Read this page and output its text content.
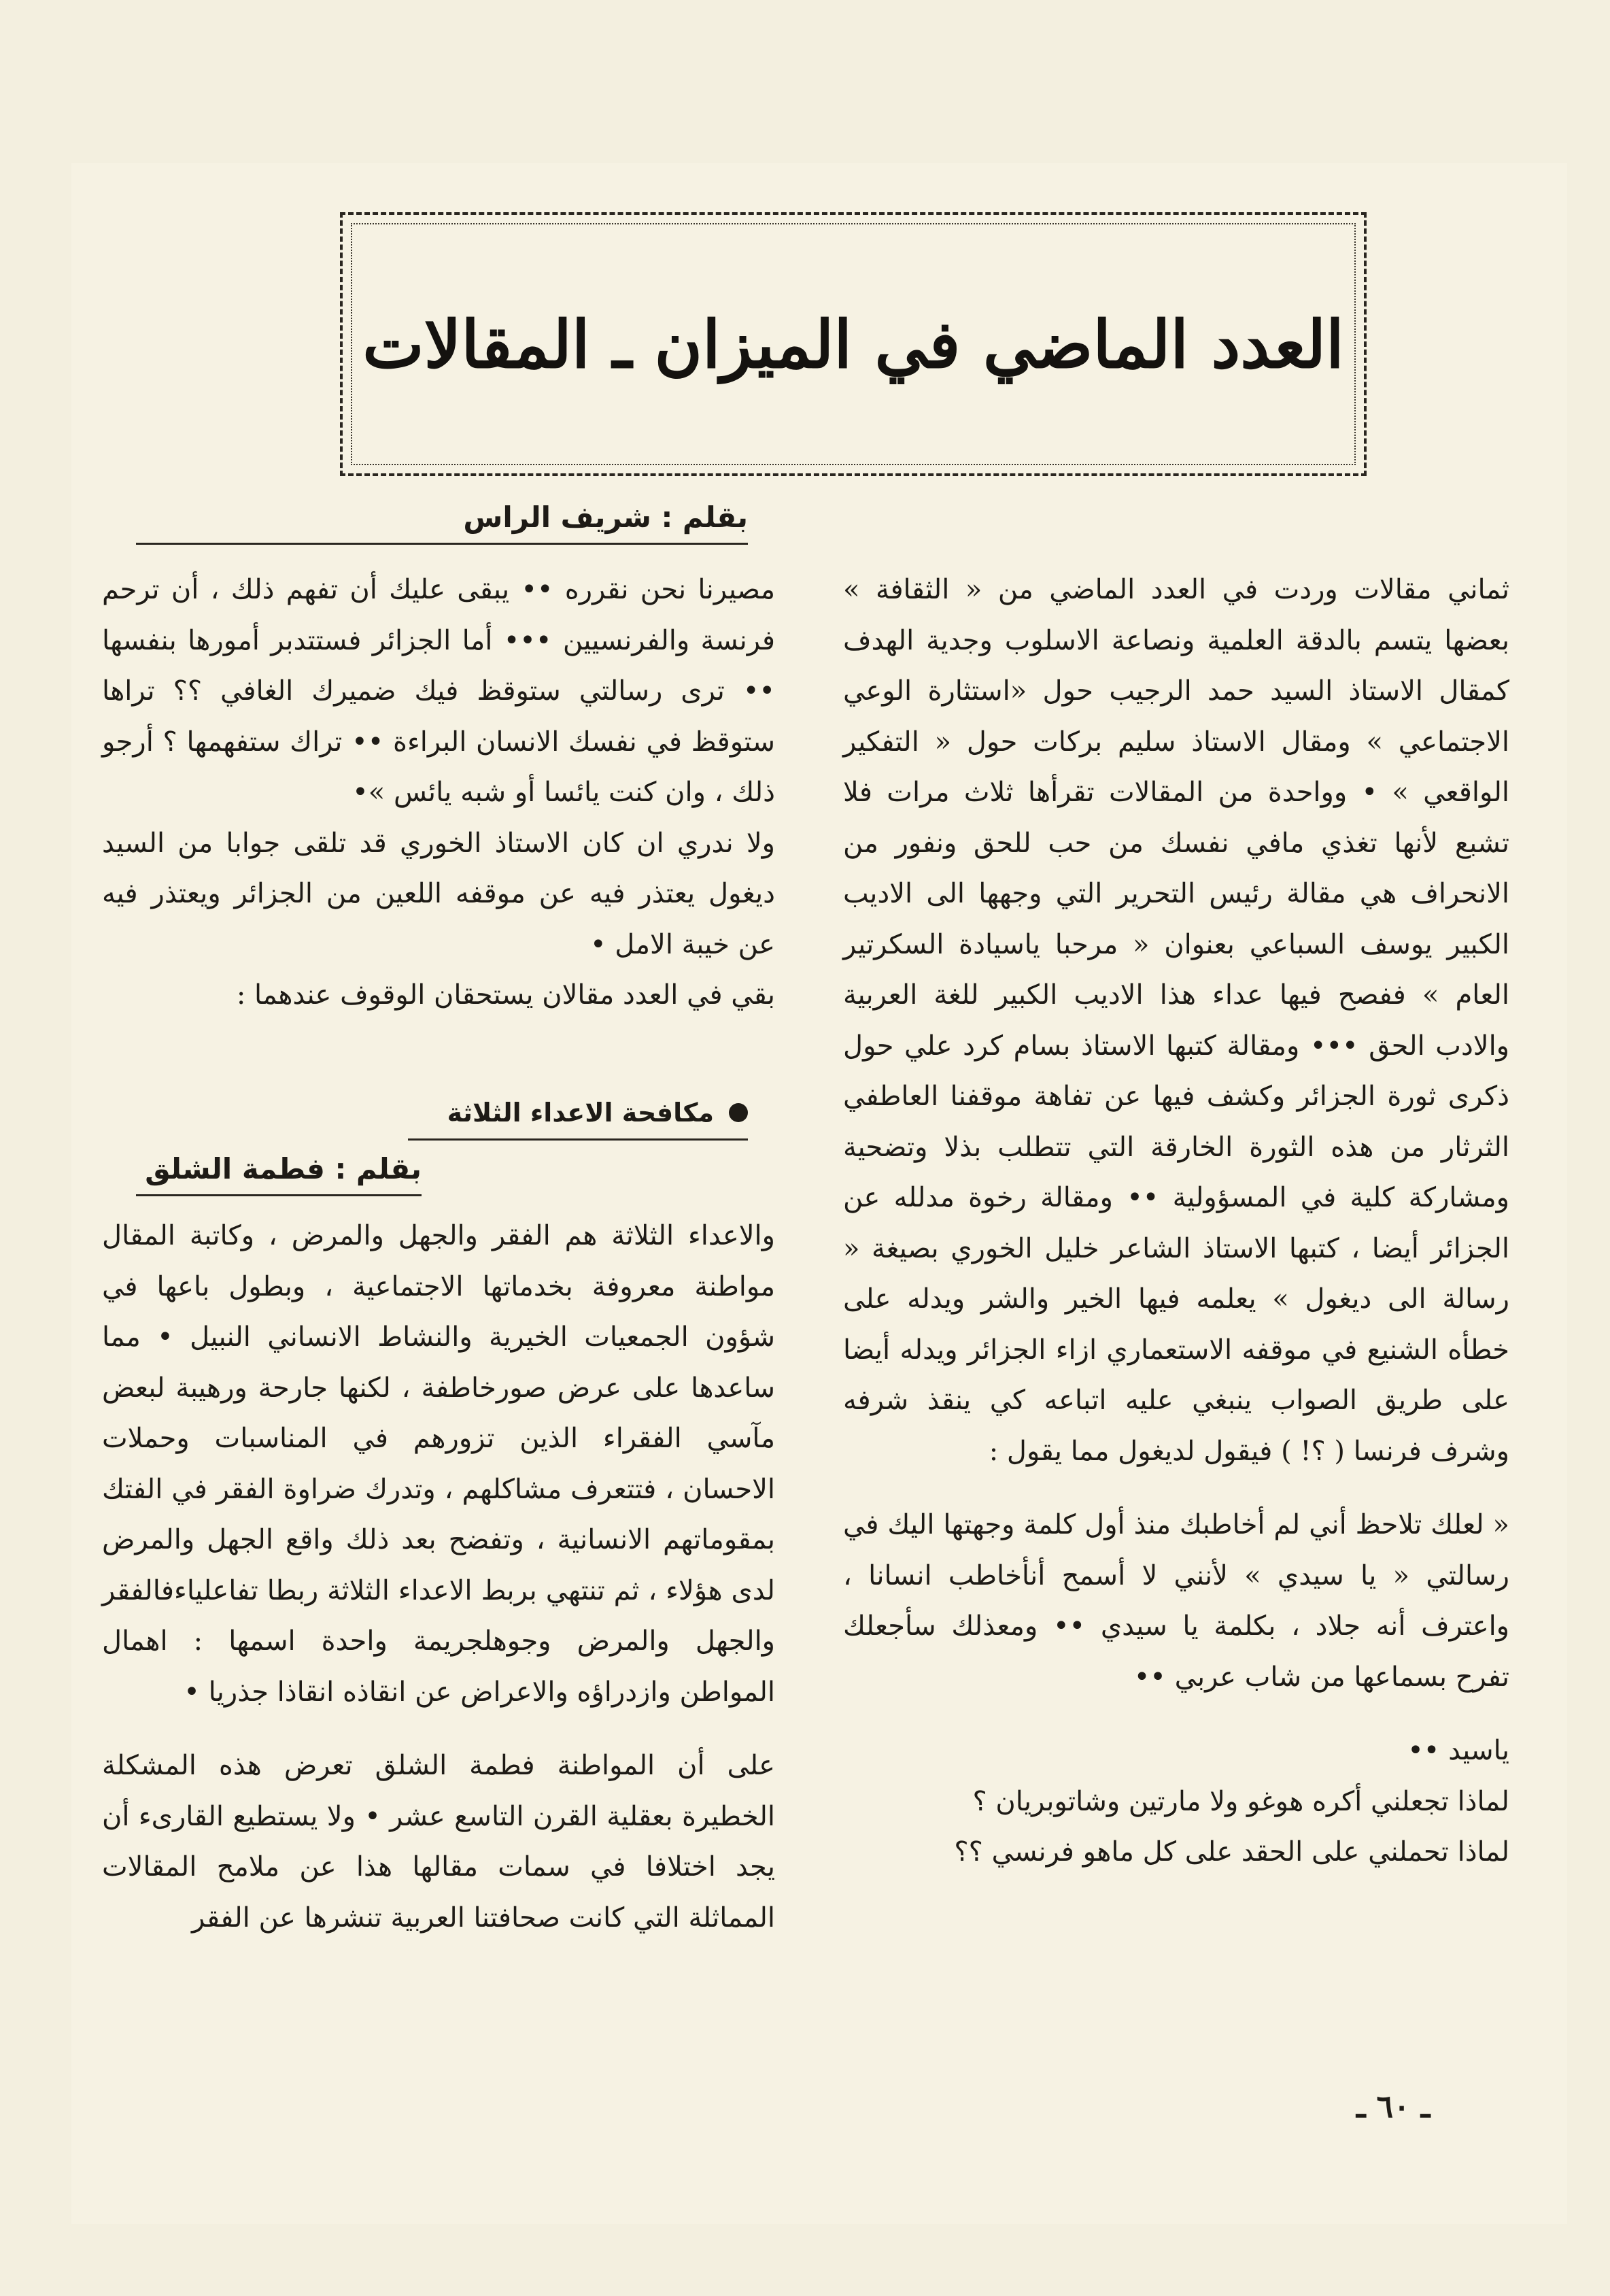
العدد الماضي في الميزان ـ المقالات

بقلم : شريف الراس

ثماني مقالات وردت في العدد الماضي من « الثقافة » بعضها يتسم بالدقة العلمية ونصاعة الاسلوب وجدية الهدف كمقال الاستاذ السيد حمد الرجيب حول «استثارة الوعي الاجتماعي » ومقال الاستاذ سليم بركات حول « التفكير الواقعي » • وواحدة من المقالات تقرأها ثلاث مرات فلا تشبع لأنها تغذي مافي نفسك من حب للحق ونفور من الانحراف هي مقالة رئيس التحرير التي وجهها الى الاديب الكبير يوسف السباعي بعنوان « مرحبا ياسيادة السكرتير العام » ففصح فيها عداء هذا الاديب الكبير للغة العربية والادب الحق ••• ومقالة كتبها الاستاذ بسام كرد علي حول ذكرى ثورة الجزائر وكشف فيها عن تفاهة موقفنا العاطفي الثرثار من هذه الثورة الخارقة التي تتطلب بذلا وتضحية ومشاركة كلية في المسؤولية •• ومقالة رخوة مدلله عن الجزائر أيضا ، كتبها الاستاذ الشاعر خليل الخوري بصيغة « رسالة الى ديغول » يعلمه فيها الخير والشر ويدله على خطأه الشنيع في موقفه الاستعماري ازاء الجزائر ويدله أيضا على طريق الصواب ينبغي عليه اتباعه كي ينقذ شرفه وشرف فرنسا ( ؟! ) فيقول لديغول مما يقول :

« لعلك تلاحظ أني لم أخاطبك منذ أول كلمة وجهتها اليك في رسالتي « يا سيدي » لأنني لا أسمح أنأخاطب انسانا ، واعترف أنه جلاد ، بكلمة يا سيدي •• ومعذلك سأجعلك تفرح بسماعها من شاب عربي ••

ياسيد ••

لماذا تجعلني أكره هوغو ولا مارتين وشاتوبريان ؟

لماذا تحملني على الحقد على كل ماهو فرنسي ؟؟

مصيرنا نحن نقرره •• يبقى عليك أن تفهم ذلك ، أن ترحم فرنسة والفرنسيين ••• أما الجزائر فستتدبر أمورها بنفسها •• ترى رسالتي ستوقظ فيك ضميرك الغافي ؟؟ تراها ستوقظ في نفسك الانسان البراءة •• تراك ستفهمها ؟ أرجو ذلك ، وان كنت يائسا أو شبه يائس »•

ولا ندري ان كان الاستاذ الخوري قد تلقى جوابا من السيد ديغول يعتذر فيه عن موقفه اللعين من الجزائر ويعتذر فيه عن خيبة الامل •

بقي في العدد مقالان يستحقان الوقوف عندهما :

مكافحة الاعداء الثلاثة

بقلم : فطمة الشلق

والاعداء الثلاثة هم الفقر والجهل والمرض ، وكاتبة المقال مواطنة معروفة بخدماتها الاجتماعية ، وبطول باعها في شؤون الجمعيات الخيرية والنشاط الانساني النبيل • مما ساعدها على عرض صورخاطفة ، لكنها جارحة ورهيبة لبعض مآسي الفقراء الذين تزورهم في المناسبات وحملات الاحسان ، فتتعرف مشاكلهم ، وتدرك ضراوة الفقر في الفتك بمقوماتهم الانسانية ، وتفضح بعد ذلك واقع الجهل والمرض لدى هؤلاء ، ثم تنتهي بربط الاعداء الثلاثة ربطا تفاعلياءفالفقر والجهل والمرض وجوهلجريمة واحدة اسمها : اهمال المواطن وازدراؤه والاعراض عن انقاذه انقاذا جذريا •

على أن المواطنة فطمة الشلق تعرض هذه المشكلة الخطيرة بعقلية القرن التاسع عشر • ولا يستطيع القارىء أن يجد اختلافا في سمات مقالها هذا عن ملامح المقالات المماثلة التي كانت صحافتنا العربية تنشرها عن الفقر

ـ ٦٠ ـ
